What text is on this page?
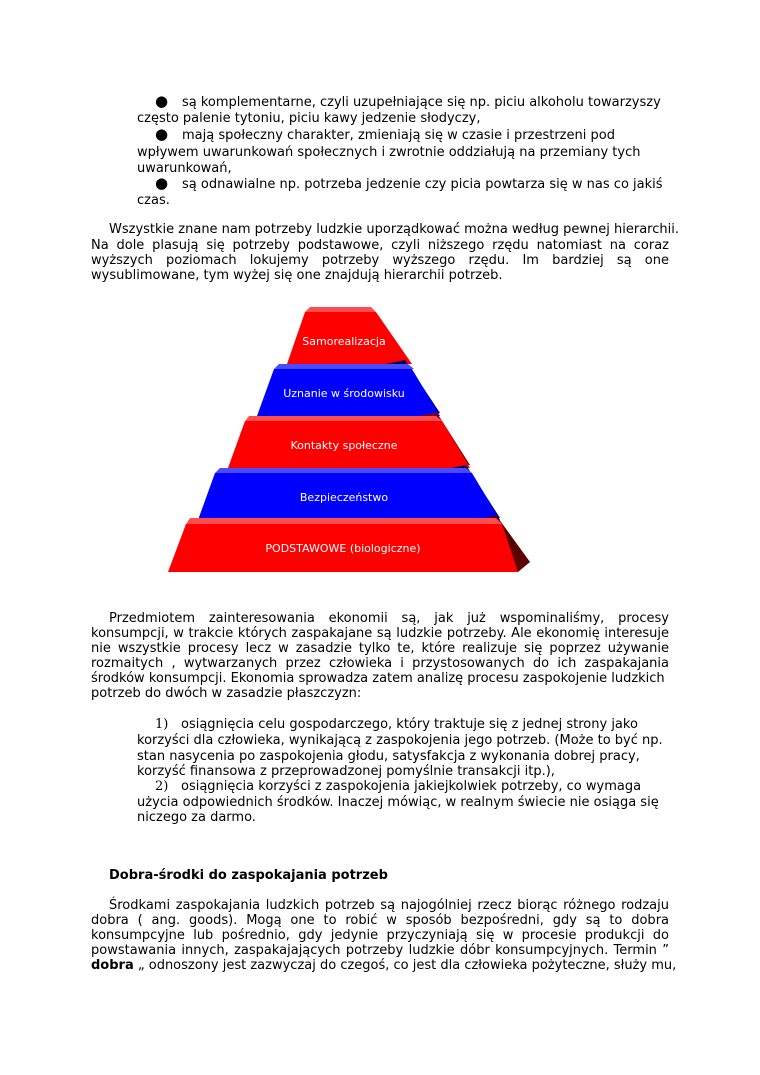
● są komplementarne, czyli uzupełniające się np. piciu alkoholu towarzyszy
często palenie tytoniu, piciu kawy jedzenie słodyczy,
● mają społeczny charakter, zmieniają się w czasie i przestrzeni pod
wpływem uwarunkowań społecznych i zwrotnie oddziałują na przemiany tych
uwarunkowań,
● są odnawialne np. potrzeba jedzenie czy picia powtarza się w nas co jakiś
czas.
Wszystkie znane nam potrzeby ludzkie uporządkować można według pewnej hierarchii.
Na dole plasują się potrzeby podstawowe, czyli niższego rzędu natomiast na coraz
wyższych poziomach lokujemy potrzeby wyższego rzędu. Im bardziej są one
wysublimowane, tym wyżej się one znajdują hierarchii potrzeb.
Samorealizacja
Uznanie w środowisku
Kontakty społeczne
Bezpieczeństwo
PODSTAWOWE (biologiczne)
Przedmiotem zainteresowania ekonomii są, jak już wspominaliśmy, procesy
konsumpcji, w trakcie których zaspakajane są ludzkie potrzeby. Ale ekonomię interesuje
nie wszystkie procesy lecz w zasadzie tylko te, które realizuje się poprzez używanie
rozmaitych , wytwarzanych przez człowieka i przystosowanych do ich zaspakajania
środków konsumpcji. Ekonomia sprowadza zatem analizę procesu zaspokojenie ludzkich
potrzeb do dwóch w zasadzie płaszczyzn:
1) osiągnięcia celu gospodarczego, który traktuje się z jednej strony jako
korzyści dla człowieka, wynikającą z zaspokojenia jego potrzeb. (Może to być np.
stan nasycenia po zaspokojenia głodu, satysfakcja z wykonania dobrej pracy,
korzyść finansowa z przeprowadzonej pomyślnie transakcji itp.),
2) osiągnięcia korzyści z zaspokojenia jakiejkolwiek potrzeby, co wymaga
użycia odpowiednich środków. Inaczej mówiąc, w realnym świecie nie osiąga się
niczego za darmo.
Dobra-środki do zaspokajania potrzeb
Środkami zaspokajania ludzkich potrzeb są najogólniej rzecz biorąc różnego rodzaju
dobra ( ang. goods). Mogą one to robić w sposób bezpośredni, gdy są to dobra
konsumpcyjne lub pośrednio, gdy jedynie przyczyniają się w procesie produkcji do
powstawania innych, zaspakajających potrzeby ludzkie dóbr konsumpcyjnych. Termin ”
dobra „ odnoszony jest zazwyczaj do czegoś, co jest dla człowieka pożyteczne, służy mu,
